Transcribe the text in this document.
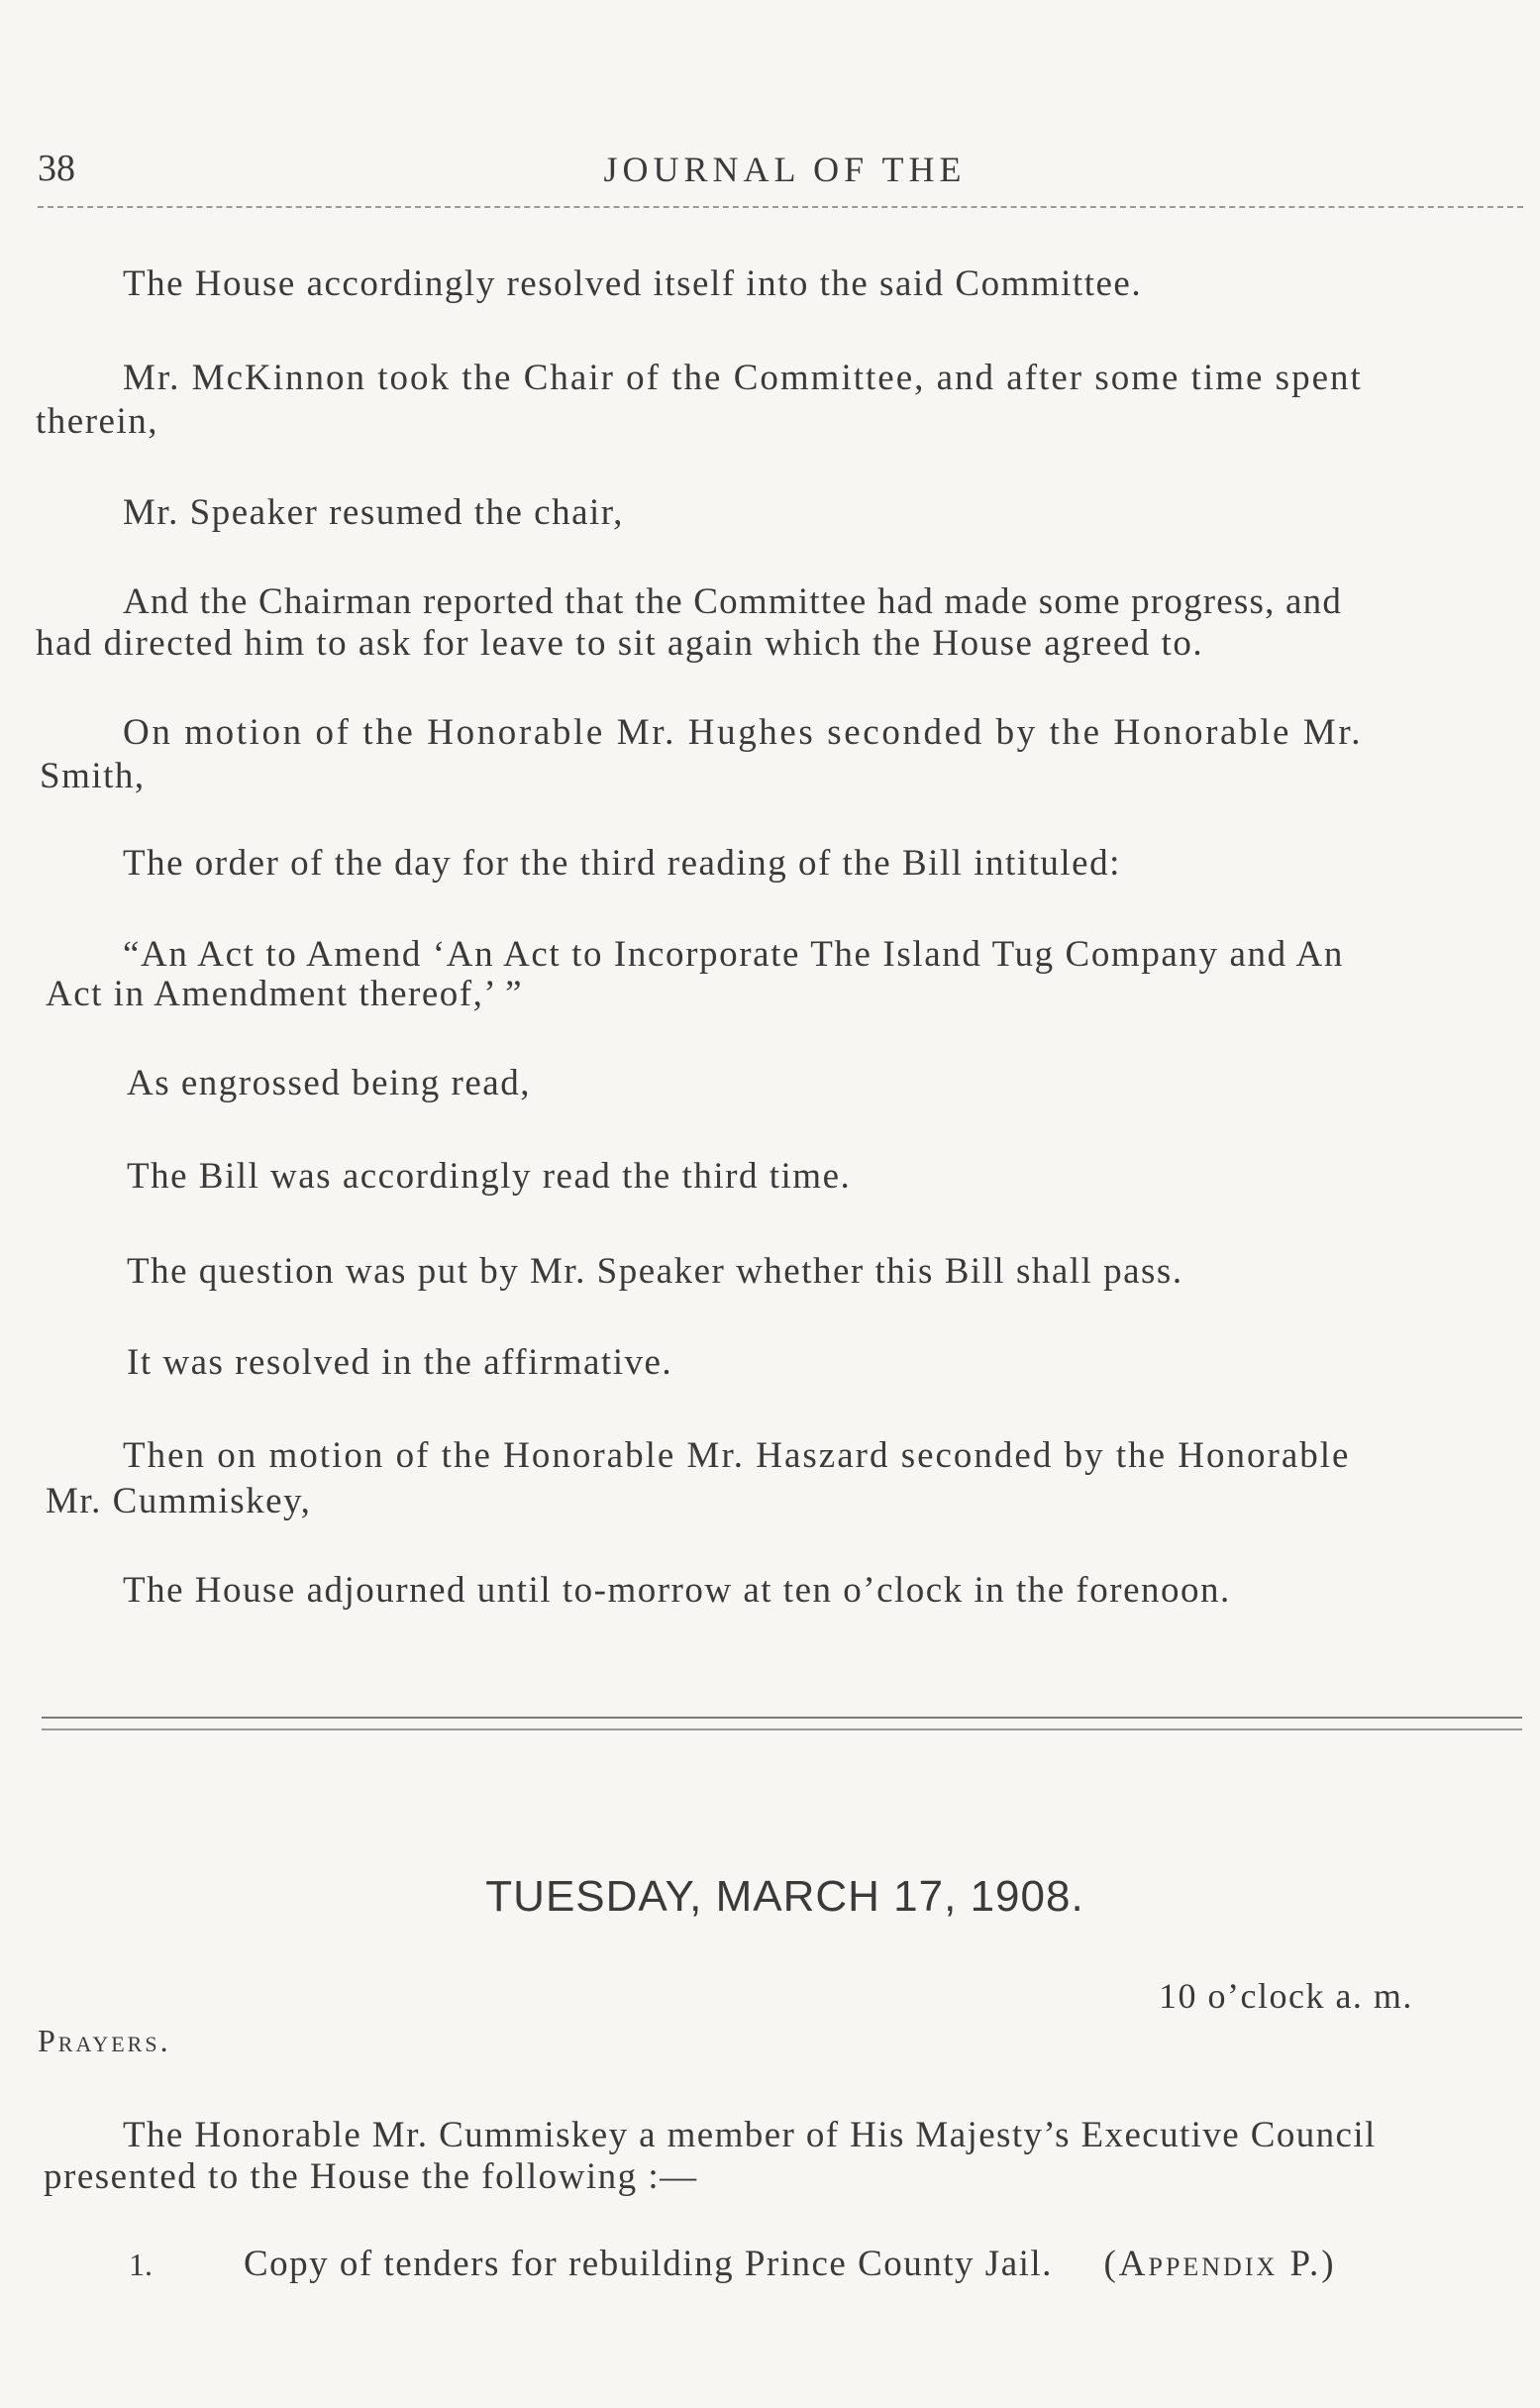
38	JOURNAL OF THE
The House accordingly resolved itself into the said Committee.
Mr. McKinnon took the Chair of the Committee, and after some time spent
therein,
Mr. Speaker resumed the chair,
And the Chairman reported that the Committee had made some progress, and
had directed him to ask for leave to sit again which the House agreed to.
On motion of the Honorable Mr. Hughes seconded by the Honorable Mr.
Smith,
The order of the day for the third reading of the Bill intituled:
“An Act to Amend ‘An Act to Incorporate The Island Tug Company and An
Act in Amendment thereof,’ ”
As engrossed being read,
The Bill was accordingly read the third time.
The question was put by Mr. Speaker whether this Bill shall pass.
It was resolved in the affirmative.
Then on motion of the Honorable Mr. Haszard seconded by the Honorable
Mr. Cummiskey,
The House adjourned until to-morrow at ten o’clock in the forenoon.
TUESDAY, MARCH 17, 1908.
10 o’clock a. m.
Prayers.
The Honorable Mr. Cummiskey a member of His Majesty’s Executive Council
presented to the House the following :—
1. Copy of tenders for rebuilding Prince County Jail. (Appendix P.)
